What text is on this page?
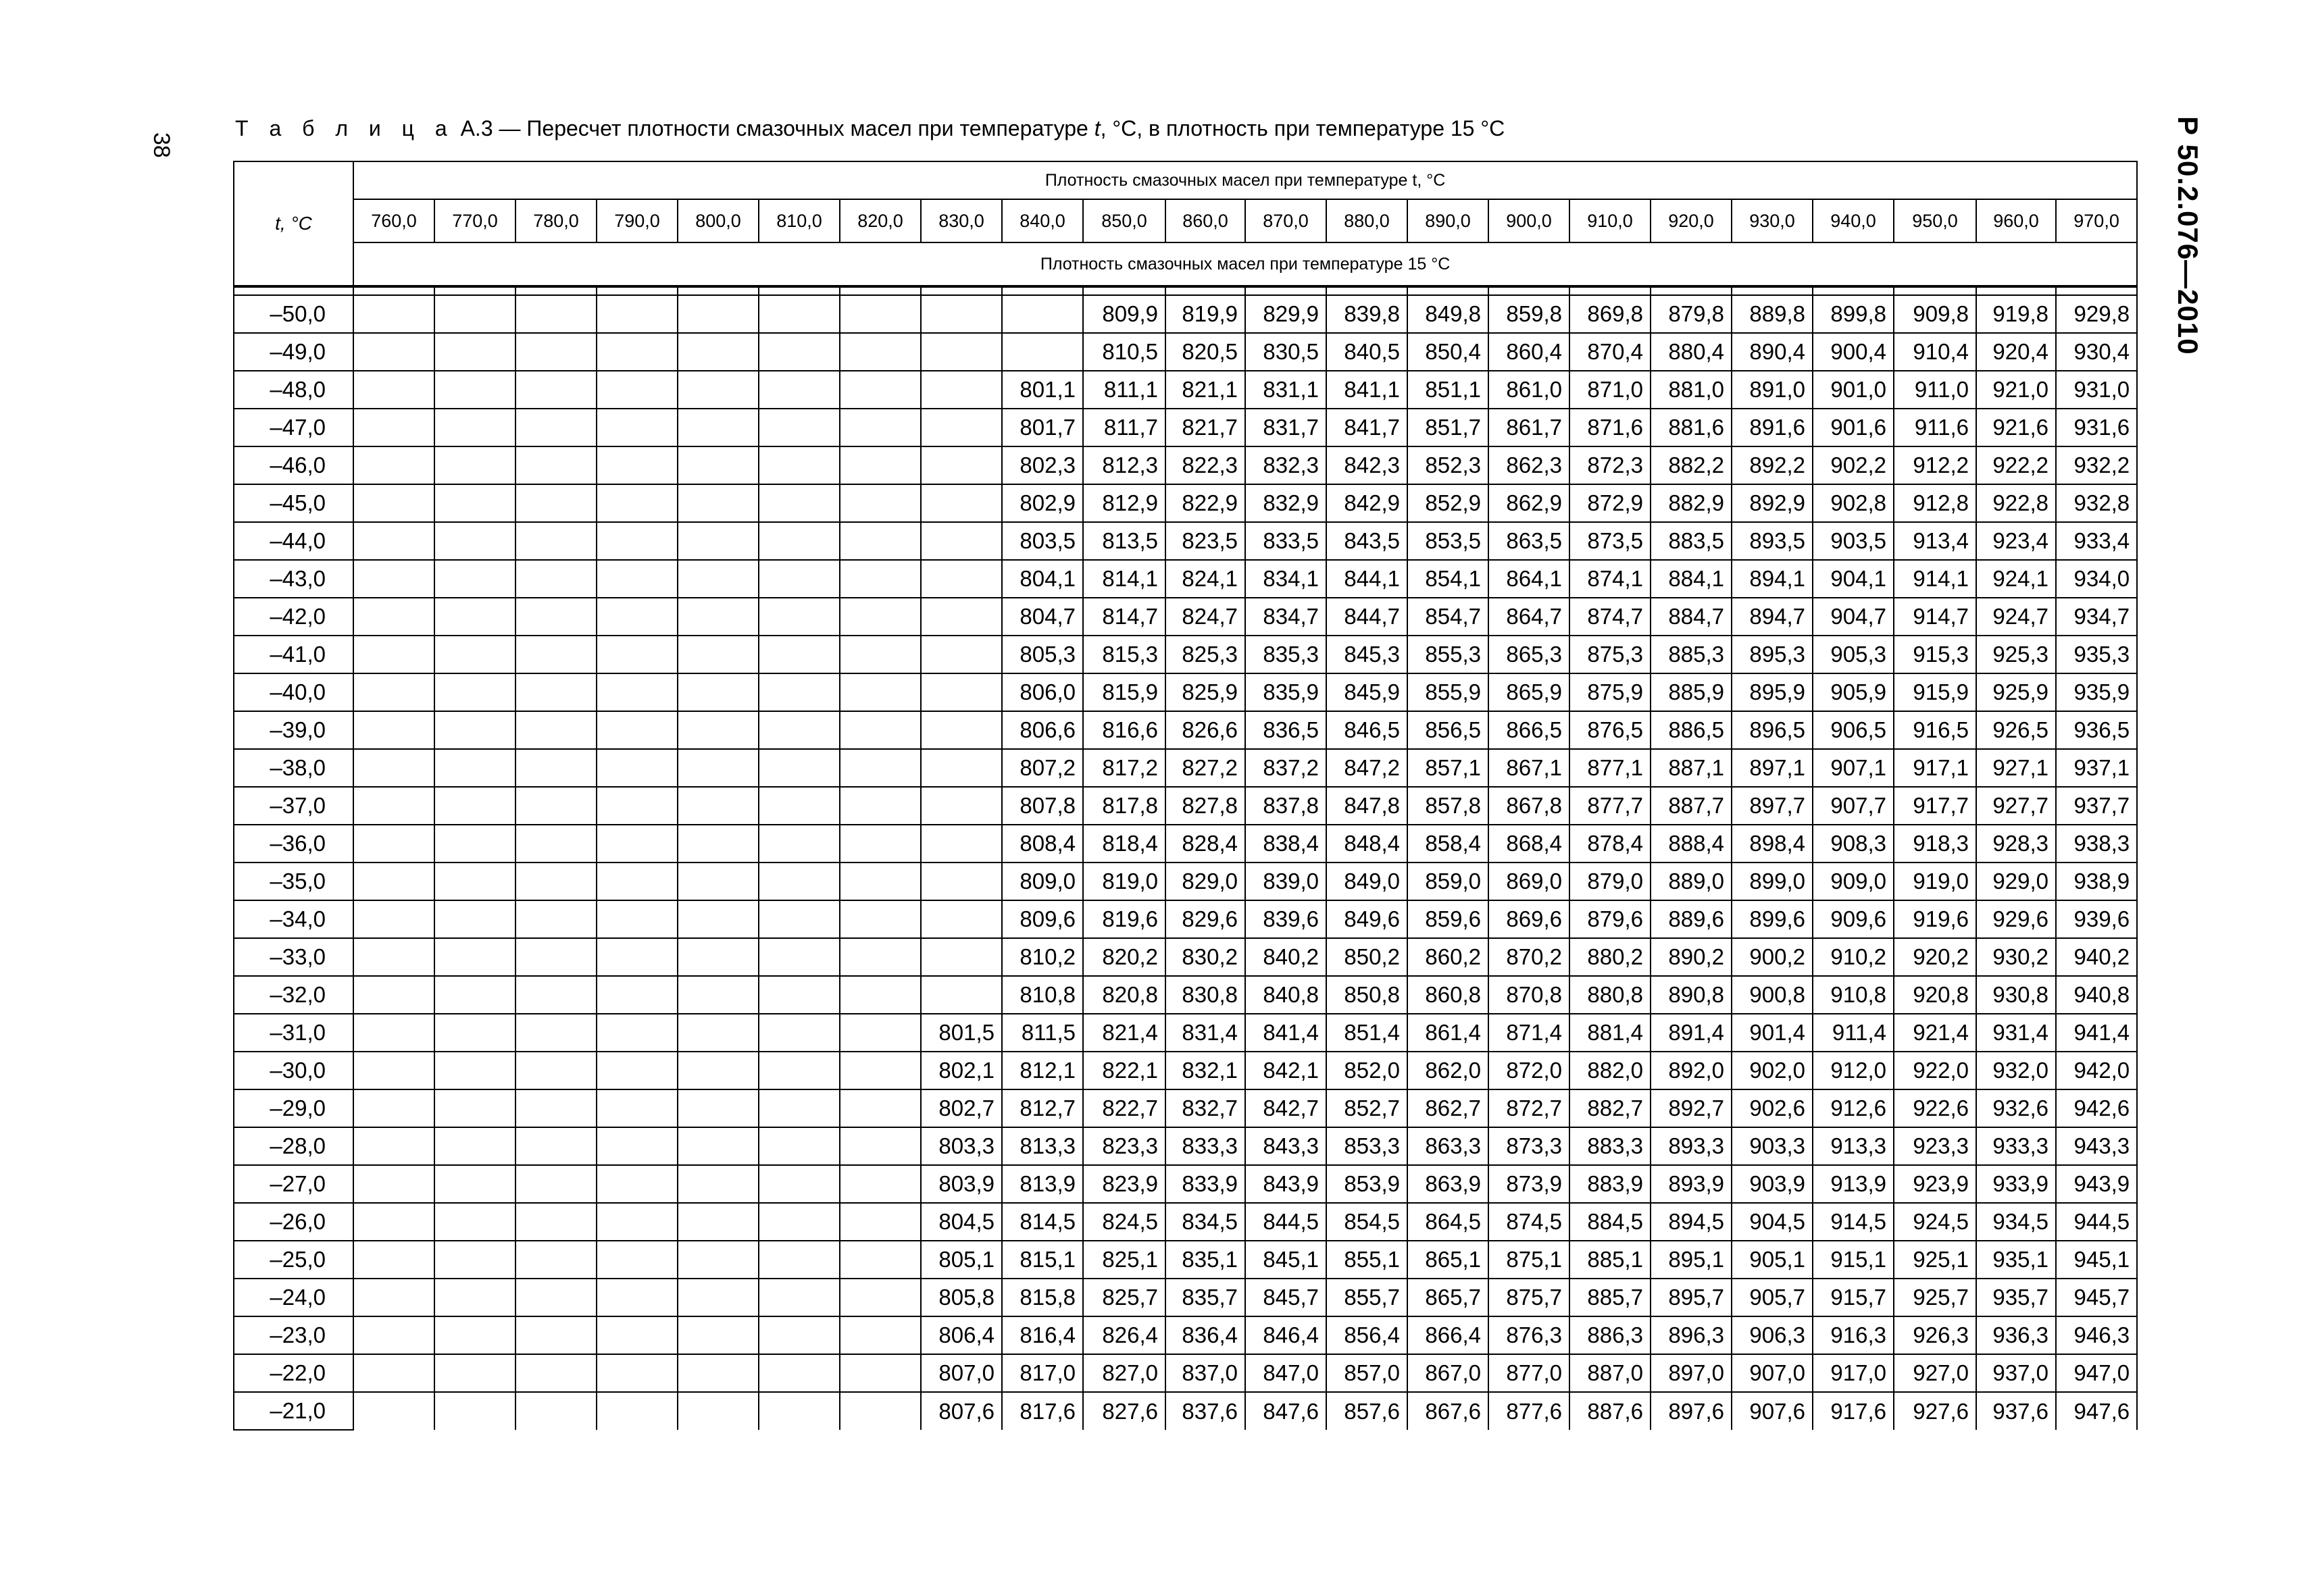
38	Р 50.2.076—2010
Т а б л и ц а А.3 — Пересчет плотности смазочных масел при температуре t, °C, в плотность при температуре 15 °C
t, °C	Плотность смазочных масел при температуре t, °C																					
	760,0	770,0	780,0	790,0	800,0	810,0	820,0	830,0	840,0	850,0	860,0	870,0	880,0	890,0	900,0	910,0	920,0	930,0	940,0	950,0	960,0	970,0
	Плотность смазочных масел при температуре 15 °C																					

–50,0										809,9	819,9	829,9	839,8	849,8	859,8	869,8	879,8	889,8	899,8	909,8	919,8	929,8
–49,0										810,5	820,5	830,5	840,5	850,4	860,4	870,4	880,4	890,4	900,4	910,4	920,4	930,4
–48,0									801,1	811,1	821,1	831,1	841,1	851,1	861,0	871,0	881,0	891,0	901,0	911,0	921,0	931,0
–47,0									801,7	811,7	821,7	831,7	841,7	851,7	861,7	871,6	881,6	891,6	901,6	911,6	921,6	931,6
–46,0									802,3	812,3	822,3	832,3	842,3	852,3	862,3	872,3	882,2	892,2	902,2	912,2	922,2	932,2
–45,0									802,9	812,9	822,9	832,9	842,9	852,9	862,9	872,9	882,9	892,9	902,8	912,8	922,8	932,8
–44,0									803,5	813,5	823,5	833,5	843,5	853,5	863,5	873,5	883,5	893,5	903,5	913,4	923,4	933,4
–43,0									804,1	814,1	824,1	834,1	844,1	854,1	864,1	874,1	884,1	894,1	904,1	914,1	924,1	934,0
–42,0									804,7	814,7	824,7	834,7	844,7	854,7	864,7	874,7	884,7	894,7	904,7	914,7	924,7	934,7
–41,0									805,3	815,3	825,3	835,3	845,3	855,3	865,3	875,3	885,3	895,3	905,3	915,3	925,3	935,3
–40,0									806,0	815,9	825,9	835,9	845,9	855,9	865,9	875,9	885,9	895,9	905,9	915,9	925,9	935,9
–39,0									806,6	816,6	826,6	836,5	846,5	856,5	866,5	876,5	886,5	896,5	906,5	916,5	926,5	936,5
–38,0									807,2	817,2	827,2	837,2	847,2	857,1	867,1	877,1	887,1	897,1	907,1	917,1	927,1	937,1
–37,0									807,8	817,8	827,8	837,8	847,8	857,8	867,8	877,7	887,7	897,7	907,7	917,7	927,7	937,7
–36,0									808,4	818,4	828,4	838,4	848,4	858,4	868,4	878,4	888,4	898,4	908,3	918,3	928,3	938,3
–35,0									809,0	819,0	829,0	839,0	849,0	859,0	869,0	879,0	889,0	899,0	909,0	919,0	929,0	938,9
–34,0									809,6	819,6	829,6	839,6	849,6	859,6	869,6	879,6	889,6	899,6	909,6	919,6	929,6	939,6
–33,0									810,2	820,2	830,2	840,2	850,2	860,2	870,2	880,2	890,2	900,2	910,2	920,2	930,2	940,2
–32,0									810,8	820,8	830,8	840,8	850,8	860,8	870,8	880,8	890,8	900,8	910,8	920,8	930,8	940,8
–31,0								801,5	811,5	821,4	831,4	841,4	851,4	861,4	871,4	881,4	891,4	901,4	911,4	921,4	931,4	941,4
–30,0								802,1	812,1	822,1	832,1	842,1	852,0	862,0	872,0	882,0	892,0	902,0	912,0	922,0	932,0	942,0
–29,0								802,7	812,7	822,7	832,7	842,7	852,7	862,7	872,7	882,7	892,7	902,6	912,6	922,6	932,6	942,6
–28,0								803,3	813,3	823,3	833,3	843,3	853,3	863,3	873,3	883,3	893,3	903,3	913,3	923,3	933,3	943,3
–27,0								803,9	813,9	823,9	833,9	843,9	853,9	863,9	873,9	883,9	893,9	903,9	913,9	923,9	933,9	943,9
–26,0								804,5	814,5	824,5	834,5	844,5	854,5	864,5	874,5	884,5	894,5	904,5	914,5	924,5	934,5	944,5
–25,0								805,1	815,1	825,1	835,1	845,1	855,1	865,1	875,1	885,1	895,1	905,1	915,1	925,1	935,1	945,1
–24,0								805,8	815,8	825,7	835,7	845,7	855,7	865,7	875,7	885,7	895,7	905,7	915,7	925,7	935,7	945,7
–23,0								806,4	816,4	826,4	836,4	846,4	856,4	866,4	876,3	886,3	896,3	906,3	916,3	926,3	936,3	946,3
–22,0								807,0	817,0	827,0	837,0	847,0	857,0	867,0	877,0	887,0	897,0	907,0	917,0	927,0	937,0	947,0
–21,0								807,6	817,6	827,6	837,6	847,6	857,6	867,6	877,6	887,6	897,6	907,6	917,6	927,6	937,6	947,6
